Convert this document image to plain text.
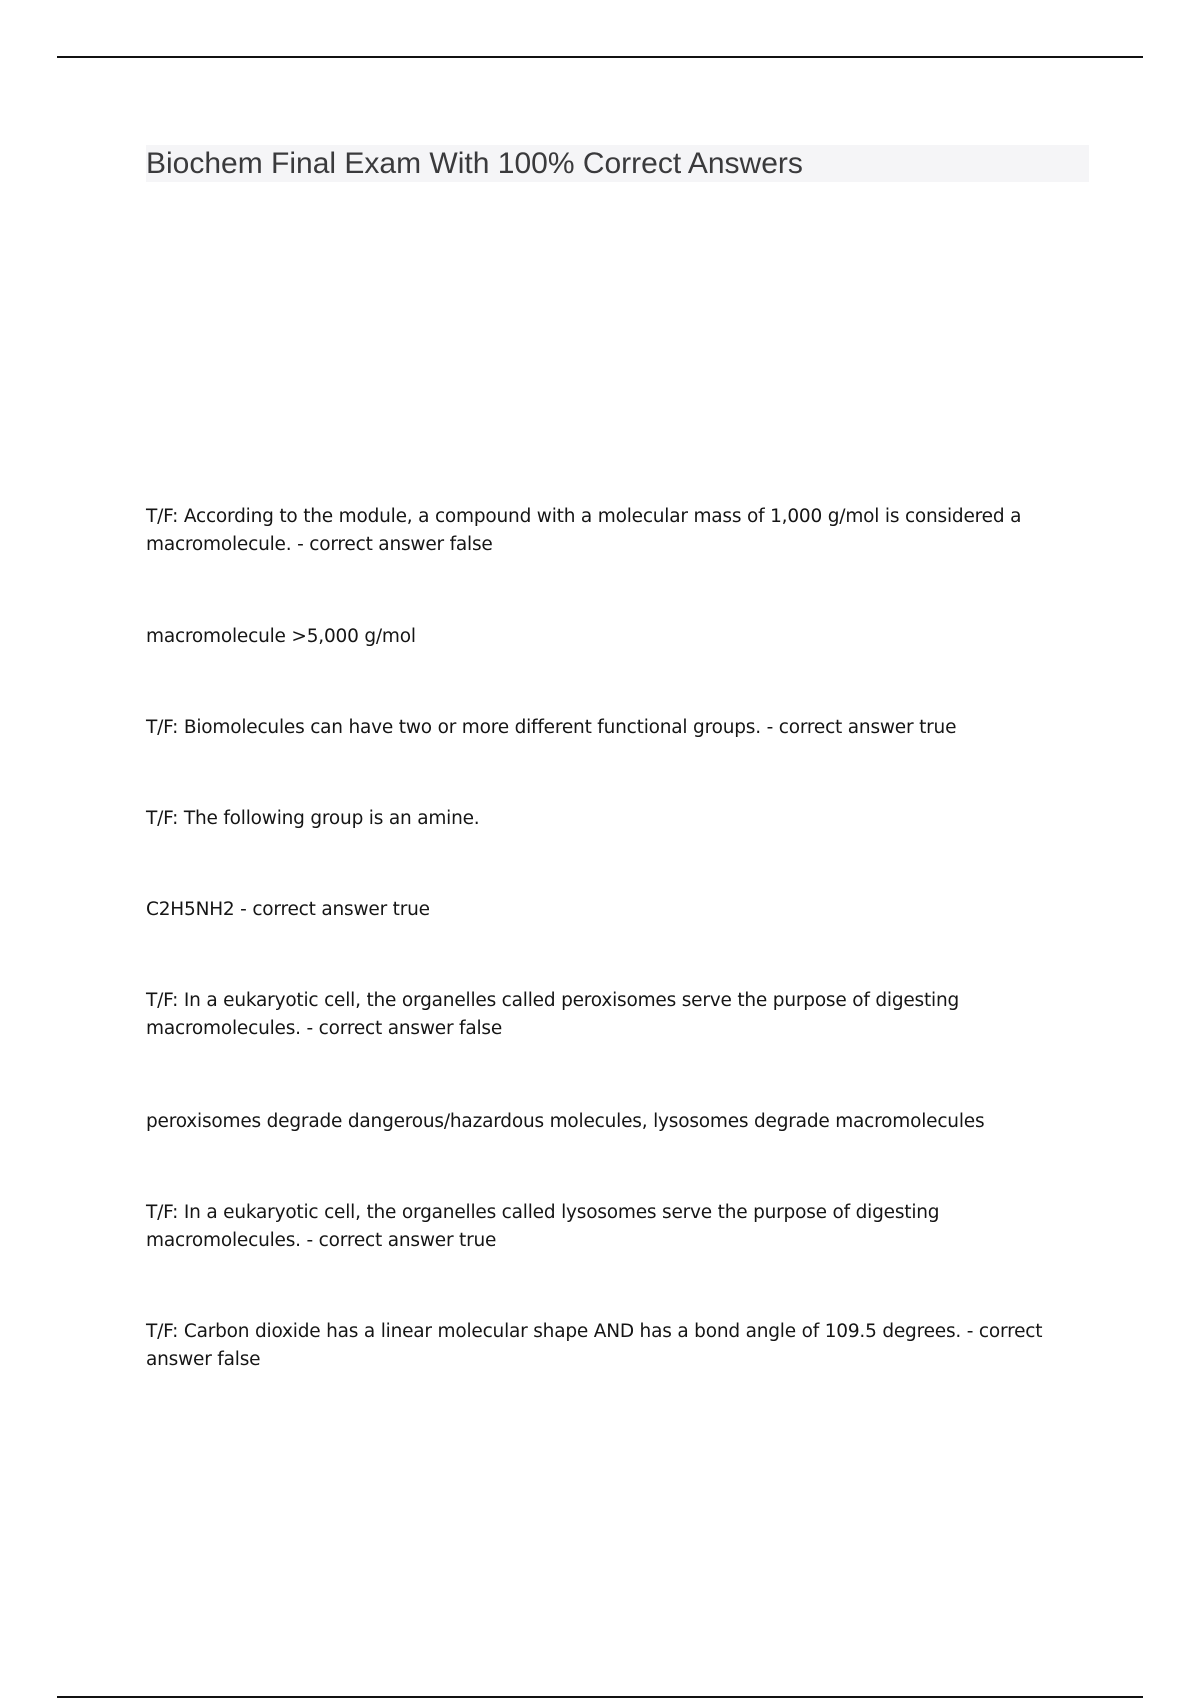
Biochem Final Exam With 100% Correct Answers
T/F: According to the module, a compound with a molecular mass of 1,000 g/mol is considered a macromolecule. - correct answer false
macromolecule >5,000 g/mol
T/F: Biomolecules can have two or more different functional groups. - correct answer true
T/F: The following group is an amine.
C2H5NH2 - correct answer true
T/F: In a eukaryotic cell, the organelles called peroxisomes serve the purpose of digesting macromolecules. - correct answer false
peroxisomes degrade dangerous/hazardous molecules, lysosomes degrade macromolecules
T/F: In a eukaryotic cell, the organelles called lysosomes serve the purpose of digesting macromolecules. - correct answer true
T/F: Carbon dioxide has a linear molecular shape AND has a bond angle of 109.5 degrees. - correct answer false
